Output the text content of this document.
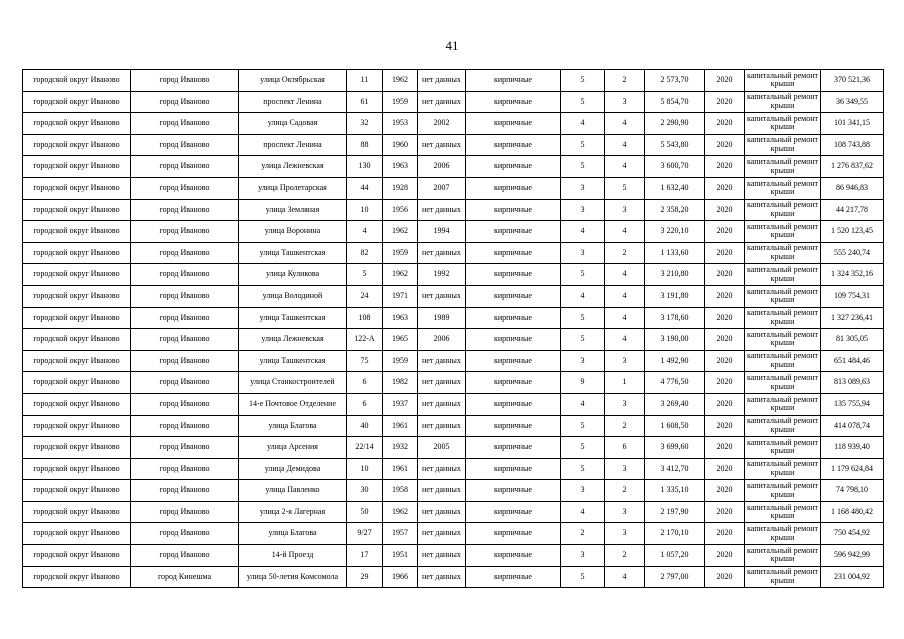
41
городской округ Иваново	город Иваново	улица Октябрьская	11	1962	нет данных	кирпичные	5	2	2 573,70	2020	капитальный ремонт крыши	370 521,36
городской округ Иваново	город Иваново	проспект Ленина	61	1959	нет данных	кирпичные	5	3	5 854,70	2020	капитальный ремонт крыши	36 349,55
городской округ Иваново	город Иваново	улица Садовая	32	1953	2002	кирпичные	4	4	2 290,90	2020	капитальный ремонт крыши	101 341,15
городской округ Иваново	город Иваново	проспект Ленина	88	1960	нет данных	кирпичные	5	4	5 543,80	2020	капитальный ремонт крыши	108 743,88
городской округ Иваново	город Иваново	улица Лежневская	130	1963	2006	кирпичные	5	4	3 600,70	2020	капитальный ремонт крыши	1 276 837,62
городской округ Иваново	город Иваново	улица Пролетарская	44	1928	2007	кирпичные	3	5	1 632,40	2020	капитальный ремонт крыши	86 946,83
городской округ Иваново	город Иваново	улица Земляная	10	1956	нет данных	кирпичные	3	3	2 358,20	2020	капитальный ремонт крыши	44 217,78
городской округ Иваново	город Иваново	улица Воронина	4	1962	1994	кирпичные	4	4	3 220,10	2020	капитальный ремонт крыши	1 520 123,45
городской округ Иваново	город Иваново	улица Ташкентская	82	1959	нет данных	кирпичные	3	2	1 133,60	2020	капитальный ремонт крыши	555 240,74
городской округ Иваново	город Иваново	улица Куликова	5	1962	1992	кирпичные	5	4	3 210,80	2020	капитальный ремонт крыши	1 324 352,16
городской округ Иваново	город Иваново	улица Володиной	24	1971	нет данных	кирпичные	4	4	3 191,80	2020	капитальный ремонт крыши	109 754,31
городской округ Иваново	город Иваново	улица Ташкентская	108	1963	1989	кирпичные	5	4	3 178,60	2020	капитальный ремонт крыши	1 327 236,41
городской округ Иваново	город Иваново	улица Лежневская	122-А	1965	2006	кирпичные	5	4	3 190,00	2020	капитальный ремонт крыши	81 305,05
городской округ Иваново	город Иваново	улица Ташкентская	75	1959	нет данных	кирпичные	3	3	1 492,90	2020	капитальный ремонт крыши	651 484,46
городской округ Иваново	город Иваново	улица Станкостроителей	6	1982	нет данных	кирпичные	9	1	4 776,50	2020	капитальный ремонт крыши	813 089,63
городской округ Иваново	город Иваново	14-е Почтовое Отделение	6	1937	нет данных	кирпичные	4	3	3 269,40	2020	капитальный ремонт крыши	135 755,94
городской округ Иваново	город Иваново	улица Благова	40	1961	нет данных	кирпичные	5	2	1 608,50	2020	капитальный ремонт крыши	414 078,74
городской округ Иваново	город Иваново	улица Арсения	22/14	1932	2005	кирпичные	5	6	3 699,60	2020	капитальный ремонт крыши	118 939,40
городской округ Иваново	город Иваново	улица Демидова	10	1961	нет данных	кирпичные	5	3	3 412,70	2020	капитальный ремонт крыши	1 179 624,84
городской округ Иваново	город Иваново	улица Павленко	30	1958	нет данных	кирпичные	3	2	1 335,10	2020	капитальный ремонт крыши	74 798,10
городской округ Иваново	город Иваново	улица 2-я Лагерная	50	1962	нет данных	кирпичные	4	3	2 197,90	2020	капитальный ремонт крыши	1 168 480,42
городской округ Иваново	город Иваново	улица Благова	9/27	1957	нет данных	кирпичные	2	3	2 170,10	2020	капитальный ремонт крыши	750 454,92
городской округ Иваново	город Иваново	14-й Проезд	17	1951	нет данных	кирпичные	3	2	1 057,20	2020	капитальный ремонт крыши	596 942,99
городской округ Иваново	город Кинешма	улица 50-летия Комсомола	29	1966	нет данных	кирпичные	5	4	2 797,00	2020	капитальный ремонт крыши	231 004,92
